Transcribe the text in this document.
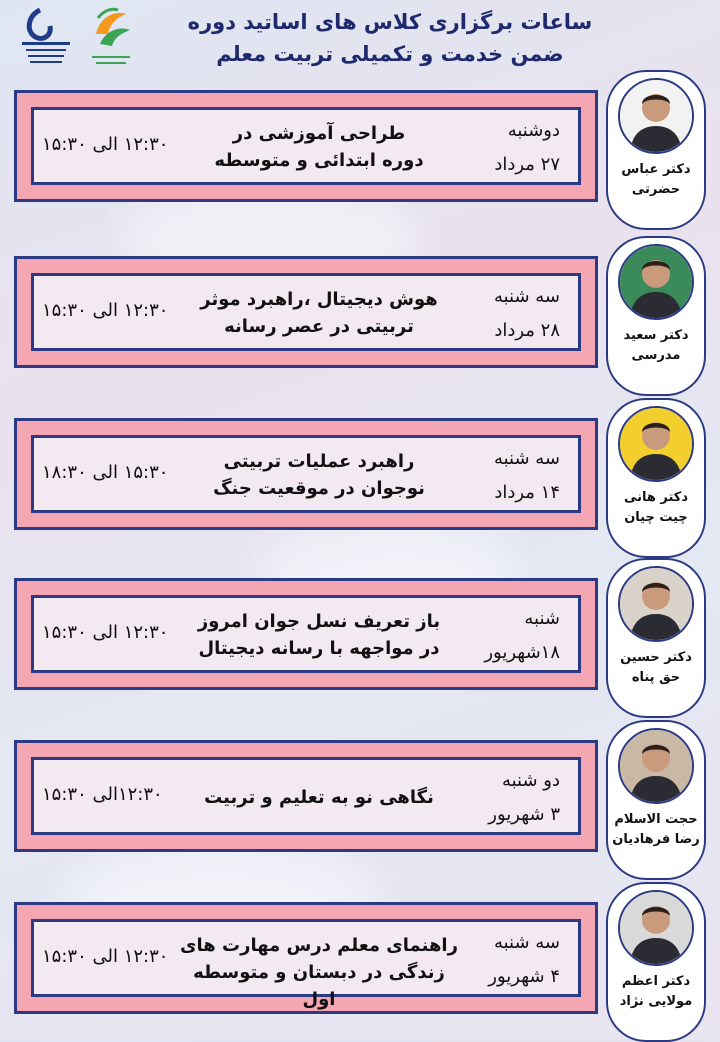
ساعات برگزاری کلاس های اساتید دوره
ضمن خدمت و تکمیلی تربیت معلم
دوشنبه
۲۷ مرداد
طراحی آموزشی در
دوره ابتدائی و متوسطه
۱۲:۳۰ الی ۱۵:۳۰
دکتر عباس
حضرتی
سه شنبه
۲۸ مرداد
هوش دیجیتال ،راهبرد موثر
تربیتی در عصر رسانه
۱۲:۳۰ الی ۱۵:۳۰
دکتر سعید
مدرسی
سه شنبه
۱۴ مرداد
راهبرد عملیات تربیتی
نوجوان در موقعیت جنگ
۱۵:۳۰ الی ۱۸:۳۰
دکتر هانی
چیت چیان
شنبه
۱۸شهریور
باز تعریف نسل جوان امروز
در مواجهه با رسانه دیجیتال
۱۲:۳۰ الی ۱۵:۳۰
دکتر حسین
حق پناه
دو شنبه
۳ شهریور
نگاهی نو به تعلیم و تربیت
۱۲:۳۰الی ۱۵:۳۰
حجت الاسلام
رضا فرهادیان
سه شنبه
۴ شهریور
راهنمای معلم درس مهارت های
زندگی در دبستان و متوسطه اول
۱۲:۳۰ الی ۱۵:۳۰
دکتر اعظم
مولایی نژاد
